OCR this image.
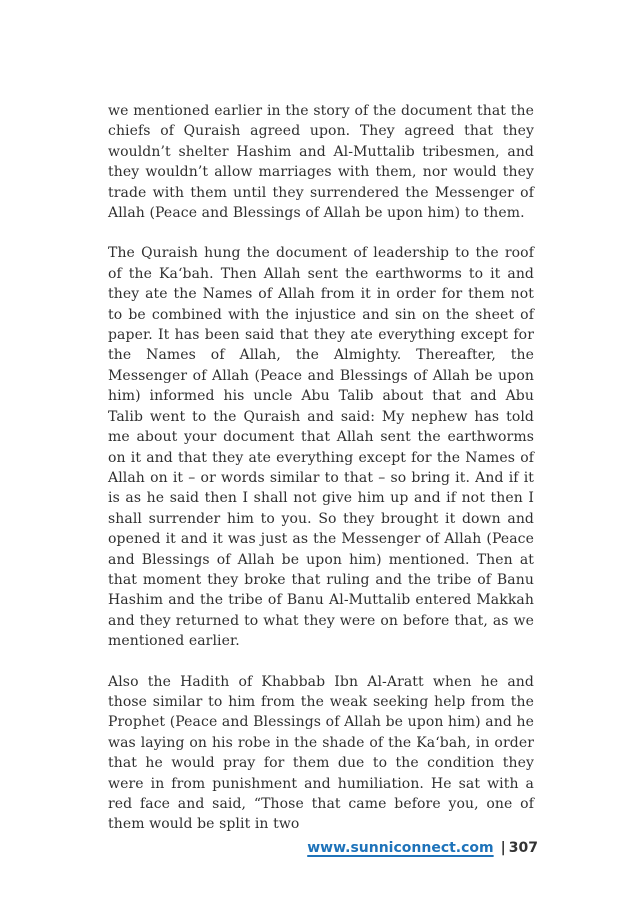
we mentioned earlier in the story of the document that the chiefs of Quraish agreed upon. They agreed that they wouldn’t shelter Hashim and Al-Muttalib tribesmen, and they wouldn’t allow marriages with them, nor would they trade with them until they surrendered the Messenger of Allah (Peace and Blessings of Allah be upon him) to them.

The Quraish hung the document of leadership to the roof of the Ka‘bah. Then Allah sent the earthworms to it and they ate the Names of Allah from it in order for them not to be combined with the injustice and sin on the sheet of paper. It has been said that they ate everything except for the Names of Allah, the Almighty. Thereafter, the Messenger of Allah (Peace and Blessings of Allah be upon him) informed his uncle Abu Talib about that and Abu Talib went to the Quraish and said: My nephew has told me about your document that Allah sent the earthworms on it and that they ate everything except for the Names of Allah on it – or words similar to that – so bring it. And if it is as he said then I shall not give him up and if not then I shall surrender him to you. So they brought it down and opened it and it was just as the Messenger of Allah (Peace and Blessings of Allah be upon him) mentioned. Then at that moment they broke that ruling and the tribe of Banu Hashim and the tribe of Banu Al-Muttalib entered Makkah and they returned to what they were on before that, as we mentioned earlier.

Also the Hadith of Khabbab Ibn Al-Aratt when he and those similar to him from the weak seeking help from the Prophet (Peace and Blessings of Allah be upon him) and he was laying on his robe in the shade of the Ka‘bah, in order that he would pray for them due to the condition they were in from punishment and humiliation. He sat with a red face and said, “Those that came before you, one of them would be split in two

www.sunniconnect.com | 307
